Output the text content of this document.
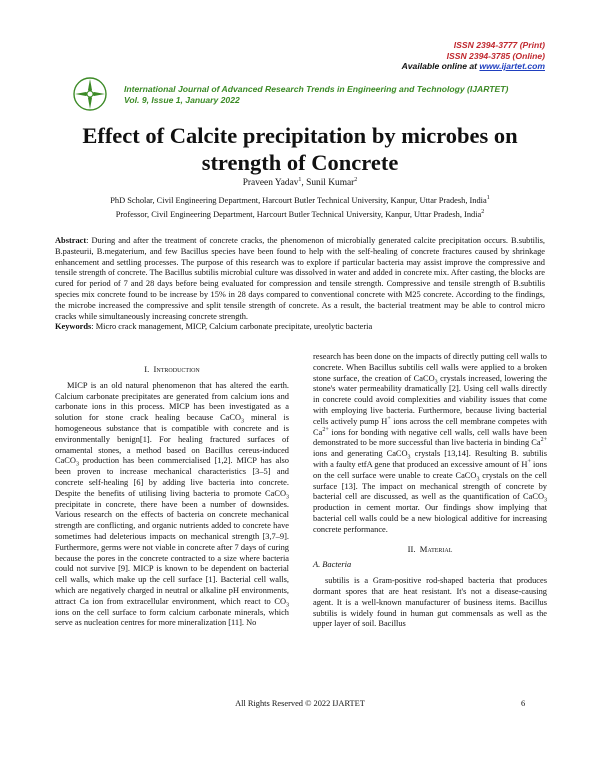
ISSN 2394-3777 (Print)
ISSN 2394-3785 (Online)
Available online at www.ijartet.com
International Journal of Advanced Research Trends in Engineering and Technology (IJARTET)
Vol. 9, Issue 1, January 2022
Effect of Calcite precipitation by microbes on
strength of Concrete
Praveen Yadav$^1$, Sunil Kumar$^2$
PhD Scholar, Civil Engineering Department, Harcourt Butler Technical University, Kanpur, Uttar Pradesh, India$^1$
Professor, Civil Engineering Department, Harcourt Butler Technical University, Kanpur, Uttar Pradesh, India$^2$
Abstract: During and after the treatment of concrete cracks, the phenomenon of microbially generated calcite precipitation occurs. B.subtilis, B.pasteurii, B.megaterium, and few Bacillus species have been found to help with the self-healing of concrete fractures caused by shrinkage enhancement and settling processes. The purpose of this research was to explore if particular bacteria may assist improve the compressive and tensile strength of concrete. The Bacillus subtilis microbial culture was dissolved in water and added in concrete mix. After casting, the blocks are cured for period of 7 and 28 days before being evaluated for compression and tensile strength. Compressive and tensile strength of B.subtilis species mix concrete found to be increase by 15% in 28 days compared to conventional concrete with M25 concrete. According to the findings, the microbe increased the compressive and split tensile strength of concrete. As a result, the bacterial treatment may be able to control micro cracks while simultaneously increasing concrete strength.
Keywords: Micro crack management, MICP, Calcium carbonate precipitate, ureolytic bacteria
I. Introduction

MICP is an old natural phenomenon that has altered the earth. Calcium carbonate precipitates are generated from calcium ions and carbonate ions in this process. MICP has been investigated as a solution for stone crack healing because CaCO$_3$ mineral is homogeneous substance that is compatible with concrete and is environmentally benign[1]. For healing fractured surfaces of ornamental stones, a method based on Bacillus cereus-induced CaCO$_3$ production has been commercialised [1,2]. MICP has also been proven to increase mechanical characteristics [3–5] and concrete self-healing [6] by adding live bacteria into concrete. Despite the benefits of utilising living bacteria to promote CaCO$_3$ precipitate in concrete, there have been a number of downsides. Various research on the effects of bacteria on concrete mechanical strength are conflicting, and organic nutrients added to concrete have sometimes had deleterious impacts on mechanical strength [3,7–9]. Furthermore, germs were not viable in concrete after 7 days of curing because the pores in the concrete contracted to a size where bacteria could not survive [9]. MICP is known to be dependent on bacterial cell walls, which make up the cell surface [1]. Bacterial cell walls, which are negatively charged in neutral or alkaline pH environments, attract Ca ion from extracellular environment, which react to $CO_3$ ions on the cell surface to form calcium carbonate minerals, which serve as nucleation centres for more mineralization [11]. No

research has been done on the impacts of directly putting cell walls to concrete. When Bacillus subtilis cell walls were applied to a broken stone surface, the creation of CaCO$_3$ crystals increased, lowering the stone's water permeability dramatically [2]. Using cell walls directly in concrete could avoid complexities and viability issues that come with employing live bacteria. Furthermore, because living bacterial cells actively pump H+ ions across the cell membrane competes with $Ca^{2+}$ ions for bonding with negative cell walls, cell walls have been demonstrated to be more successful than live bacteria in binding $Ca^{2+}$ ions and generating CaCO$_3$ crystals [13,14]. Resulting B. subtilis with a faulty etfA gene that produced an excessive amount of H+ ions on the cell surface were unable to create CaCO$_3$ crystals on the cell surface [13]. The impact on mechanical strength of concrete by bacterial cell are discussed, as well as the quantification of CaCO$_3$ production in cement mortar. Our findings show implying that bacterial cell walls could be a new biological additive for increasing concrete performance.

II. Material
A. Bacteria

subtilis is a Gram-positive rod-shaped bacteria that produces dormant spores that are heat resistant. It's not a disease-causing agent. It is a well-known manufacturer of business items. Bacillus subtilis is widely found in human gut commensals as well as the upper layer of soil. Bacillus

All Rights Reserved © 2022 IJARTET	6
